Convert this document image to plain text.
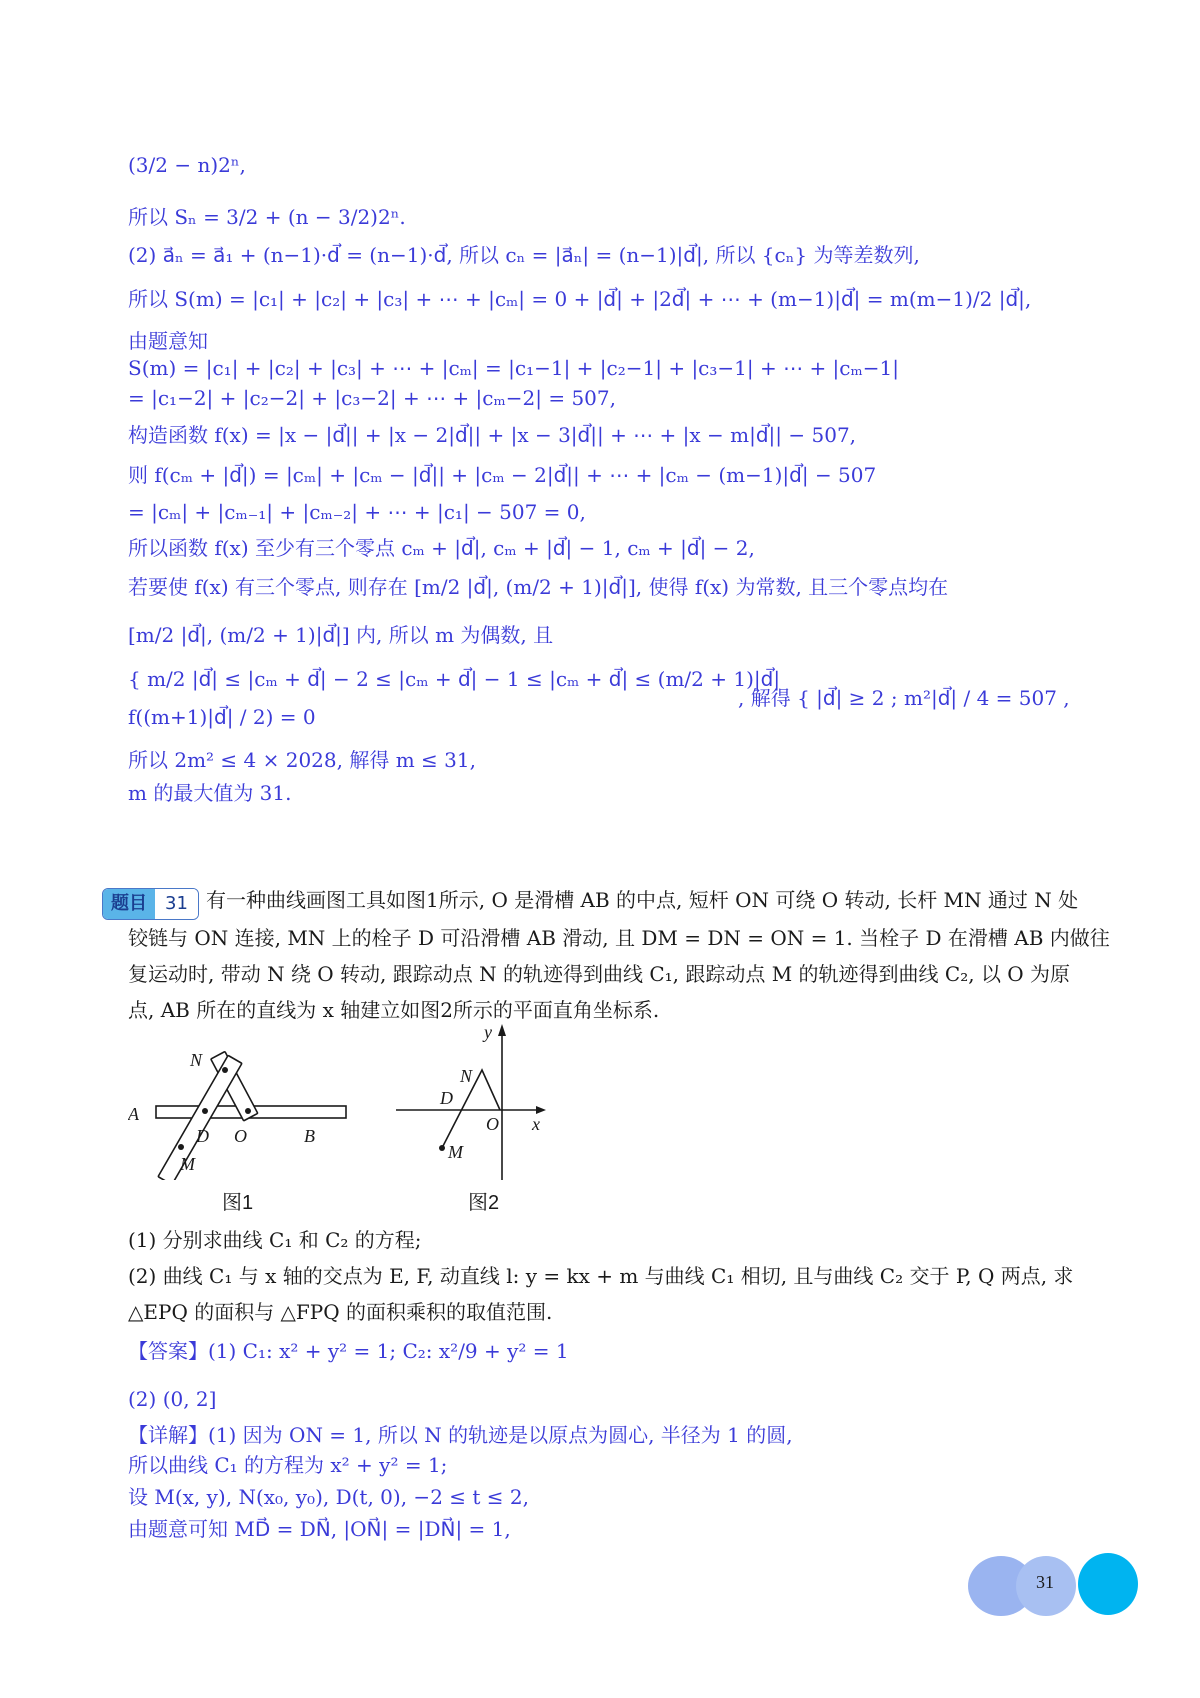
(3/2 − n)2ⁿ,
所以 Sₙ = 3/2 + (n − 3/2)2ⁿ.
(2) a⃗ₙ = a⃗₁ + (n−1)·d⃗ = (n−1)·d⃗, 所以 cₙ = |a⃗ₙ| = (n−1)|d⃗|, 所以 {cₙ} 为等差数列,
所以 S(m) = |c₁| + |c₂| + |c₃| + ⋯ + |cₘ| = 0 + |d⃗| + |2d⃗| + ⋯ + (m−1)|d⃗| = m(m−1)/2 |d⃗|,
由题意知
S(m) = |c₁| + |c₂| + |c₃| + ⋯ + |cₘ| = |c₁−1| + |c₂−1| + |c₃−1| + ⋯ + |cₘ−1|
= |c₁−2| + |c₂−2| + |c₃−2| + ⋯ + |cₘ−2| = 507,
构造函数 f(x) = |x − |d⃗|| + |x − 2|d⃗|| + |x − 3|d⃗|| + ⋯ + |x − m|d⃗|| − 507,
则 f(cₘ + |d⃗|) = |cₘ| + |cₘ − |d⃗|| + |cₘ − 2|d⃗|| + ⋯ + |cₘ − (m−1)|d⃗| − 507
= |cₘ| + |cₘ₋₁| + |cₘ₋₂| + ⋯ + |c₁| − 507 = 0,
所以函数 f(x) 至少有三个零点 cₘ + |d⃗|, cₘ + |d⃗| − 1, cₘ + |d⃗| − 2,
若要使 f(x) 有三个零点, 则存在 [m/2 |d⃗|, (m/2 + 1)|d⃗|], 使得 f(x) 为常数, 且三个零点均在
[m/2 |d⃗|, (m/2 + 1)|d⃗|] 内, 所以 m 为偶数, 且
{ m/2 |d⃗| ≤ |cₘ + d⃗| − 2 ≤ |cₘ + d⃗| − 1 ≤ |cₘ + d⃗| ≤ (m/2 + 1)|d⃗|
f((m+1)|d⃗| / 2) = 0
, 解得 { |d⃗| ≥ 2 ; m²|d⃗| / 4 = 507 ,
所以 2m² ≤ 4 × 2028, 解得 m ≤ 31,
m 的最大值为 31.
题目	31 有一种曲线画图工具如图1所示, O 是滑槽 AB 的中点, 短杆 ON 可绕 O 转动, 长杆 MN 通过 N 处
铰链与 ON 连接, MN 上的栓子 D 可沿滑槽 AB 滑动, 且 DM = DN = ON = 1. 当栓子 D 在滑槽 AB 内做往
复运动时, 带动 N 绕 O 转动, 跟踪动点 N 的轨迹得到曲线 C₁, 跟踪动点 M 的轨迹得到曲线 C₂, 以 O 为原
点, AB 所在的直线为 x 轴建立如图2所示的平面直角坐标系.
N
A
D O	B
M
图1
y
N
D
O x
M
图2
(1) 分别求曲线 C₁ 和 C₂ 的方程;
(2) 曲线 C₁ 与 x 轴的交点为 E, F, 动直线 l: y = kx + m 与曲线 C₁ 相切, 且与曲线 C₂ 交于 P, Q 两点, 求
△EPQ 的面积与 △FPQ 的面积乘积的取值范围.
【答案】(1) C₁: x² + y² = 1; C₂: x²/9 + y² = 1
(2) (0, 2]
【详解】(1) 因为 ON = 1, 所以 N 的轨迹是以原点为圆心, 半径为 1 的圆,
所以曲线 C₁ 的方程为 x² + y² = 1;
设 M(x, y), N(x₀, y₀), D(t, 0), −2 ≤ t ≤ 2,
由题意可知 MD⃗ = DN⃗, |ON⃗| = |DN⃗| = 1,
31
